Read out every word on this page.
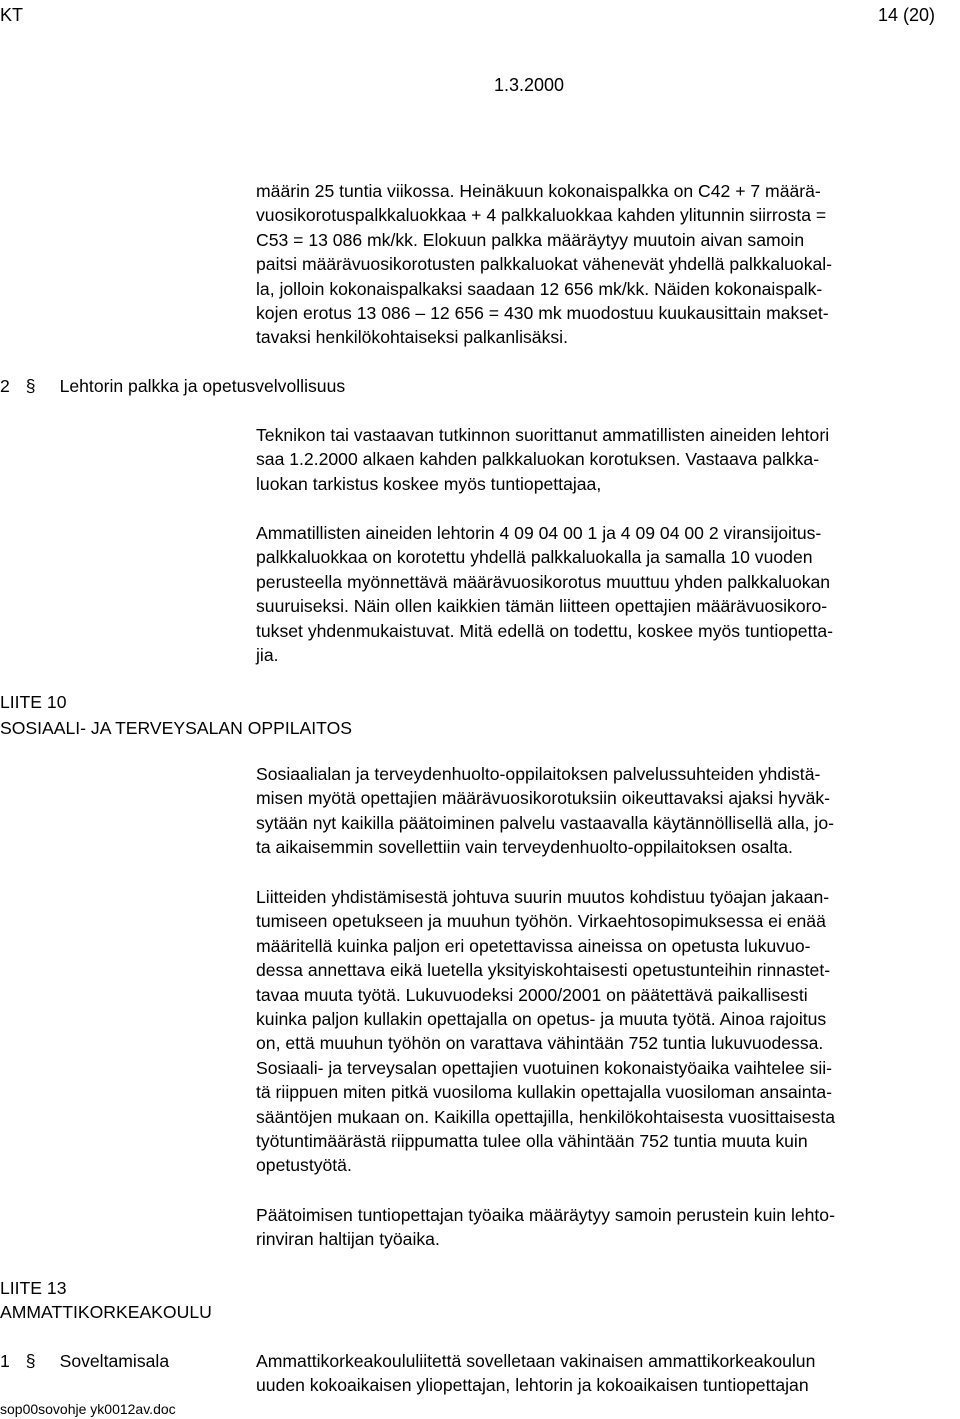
KT	14 (20)
1.3.2000
määrin 25 tuntia viikossa. Heinäkuun kokonaispalkka on C42 + 7 määrä-
vuosikorotuspalkkaluokkaa + 4 palkkaluokkaa kahden ylitunnin siirrosta =
C53 = 13 086 mk/kk. Elokuun palkka määräytyy muutoin aivan samoin
paitsi määrävuosikorotusten palkkaluokat vähenevät yhdellä palkkaluokal-
la, jolloin kokonaispalkaksi saadaan 12 656 mk/kk. Näiden kokonaispalk-
kojen erotus 13 086 – 12 656 = 430 mk muodostuu kuukausittain makset-
tavaksi henkilökohtaiseksi palkanlisäksi.
2 § Lehtorin palkka ja opetusvelvollisuus
Teknikon tai vastaavan tutkinnon suorittanut ammatillisten aineiden lehtori
saa 1.2.2000 alkaen kahden palkkaluokan korotuksen. Vastaava palkka-
luokan tarkistus koskee myös tuntiopettajaa,
Ammatillisten aineiden lehtorin 4 09 04 00 1 ja 4 09 04 00 2 viransijoitus-
palkkaluokkaa on korotettu yhdellä palkkaluokalla ja samalla 10 vuoden
perusteella myönnettävä määrävuosikorotus muuttuu yhden palkkaluokan
suuruiseksi. Näin ollen kaikkien tämän liitteen opettajien määrävuosikoro-
tukset yhdenmukaistuvat. Mitä edellä on todettu, koskee myös tuntiopetta-
jia.
LIITE 10
SOSIAALI- JA TERVEYSALAN OPPILAITOS
Sosiaalialan ja terveydenhuolto-oppilaitoksen palvelussuhteiden yhdistä-
misen myötä opettajien määrävuosikorotuksiin oikeuttavaksi ajaksi hyväk-
sytään nyt kaikilla päätoiminen palvelu vastaavalla käytännöllisellä alla, jo-
ta aikaisemmin sovellettiin vain terveydenhuolto-oppilaitoksen osalta.
Liitteiden yhdistämisestä johtuva suurin muutos kohdistuu työajan jakaan-
tumiseen opetukseen ja muuhun työhön. Virkaehtosopimuksessa ei enää
määritellä kuinka paljon eri opetettavissa aineissa on opetusta lukuvuo-
dessa annettava eikä luetella yksityiskohtaisesti opetustunteihin rinnastet-
tavaa muuta työtä. Lukuvuodeksi 2000/2001 on päätettävä paikallisesti
kuinka paljon kullakin opettajalla on opetus- ja muuta työtä. Ainoa rajoitus
on, että muuhun työhön on varattava vähintään 752 tuntia lukuvuodessa.
Sosiaali- ja terveysalan opettajien vuotuinen kokonaistyöaika vaihtelee sii-
tä riippuen miten pitkä vuosiloma kullakin opettajalla vuosiloman ansainta-
sääntöjen mukaan on. Kaikilla opettajilla, henkilökohtaisesta vuosittaisesta
työtuntimäärästä riippumatta tulee olla vähintään 752 tuntia muuta kuin
opetustyötä.
Päätoimisen tuntiopettajan työaika määräytyy samoin perustein kuin lehto-
rinviran haltijan työaika.
LIITE 13
AMMATTIKORKEAKOULU
1 § Soveltamisala	Ammattikorkeakoululiitettä sovelletaan vakinaisen ammattikorkeakoulun
uuden kokoaikaisen yliopettajan, lehtorin ja kokoaikaisen tuntiopettajan
sop00sovohje yk0012av.doc
